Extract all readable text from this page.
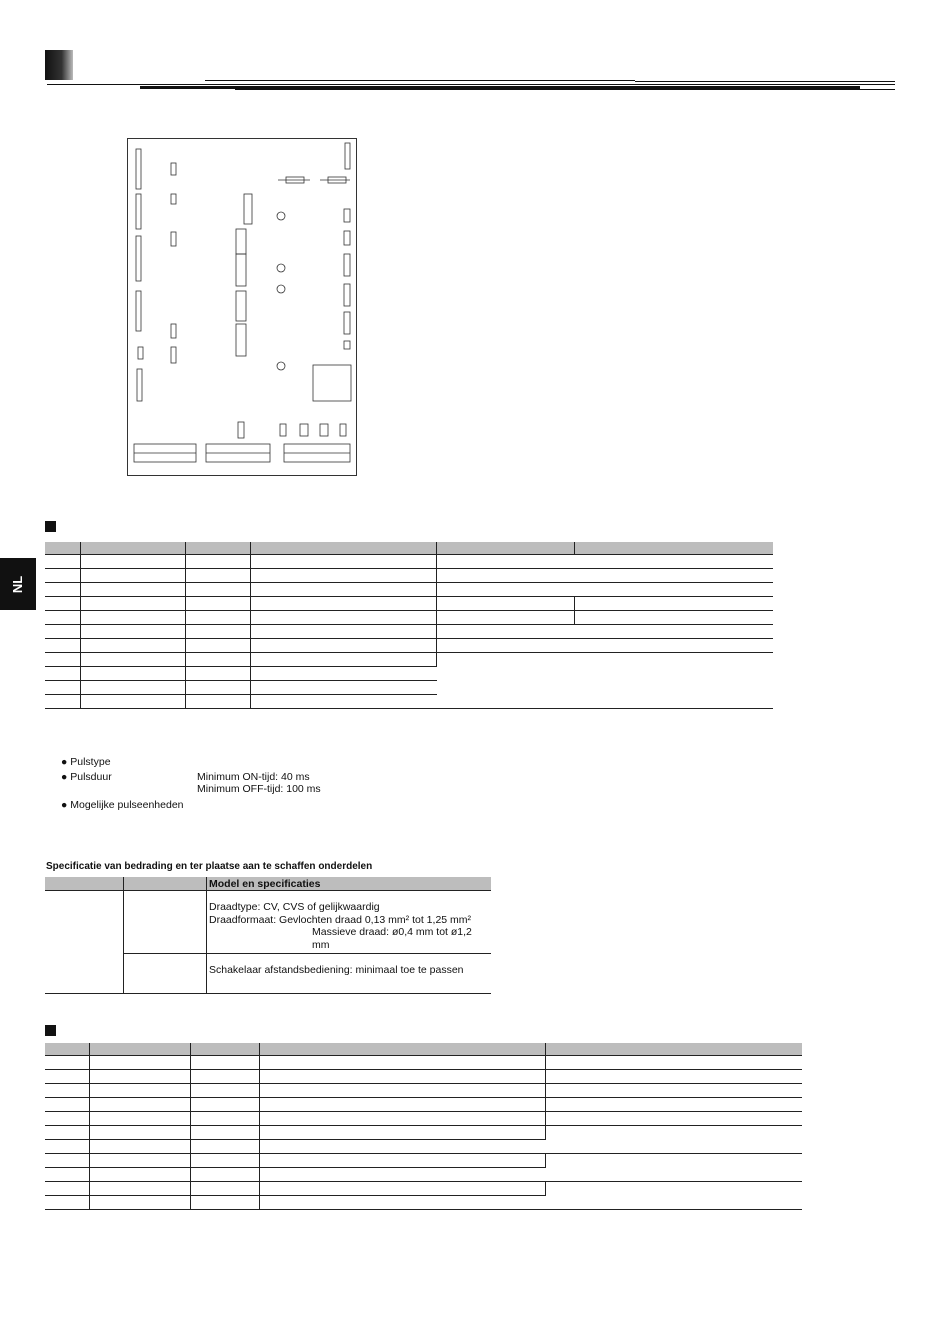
NL

● Pulstype
● Pulsduur	Minimum ON-tijd: 40 ms
Minimum OFF-tijd: 100 ms
● Mogelijke pulseenheden
Specificatie van bedrading en ter plaatse aan te schaffen onderdelen
		Model en specificaties

		Draadtype: CV, CVS of gelijkwaardig
Draadformaat: Gevlochten draad 0,13 mm² tot 1,25 mm²
Massieve draad: ø0,4 mm tot ø1,2 mm

		Schakelaar afstandsbediening: minimaal toe te passen
